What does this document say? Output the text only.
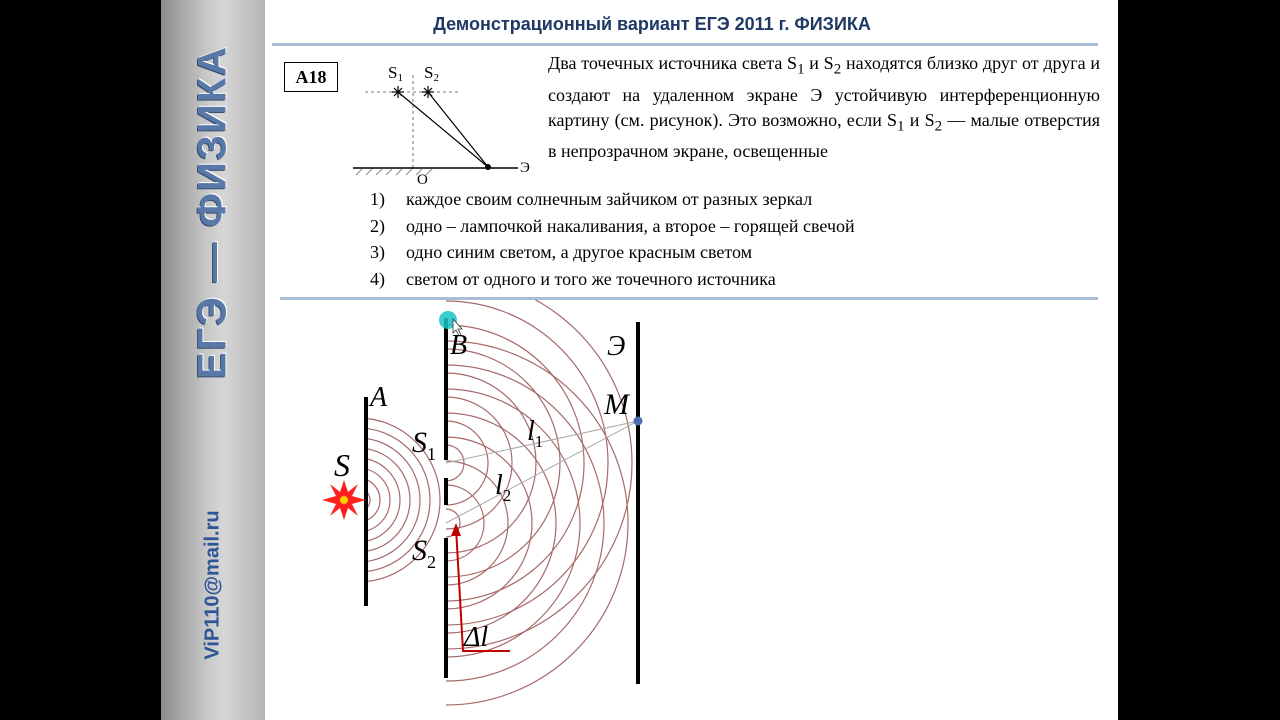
ЕГЭ — ФИЗИКА
ViP110@mail.ru
Демонстрационный вариант ЕГЭ 2011 г. ФИЗИКА
А18
Два точечных источника света $S_1$ и $S_2$ находятся близко друг от друга и создают на удаленном экране Э устойчивую интерференционную картину (см. рисунок). Это возможно, если $S_1$ и $S_2$ — малые отверстия в непрозрачном экране, освещенные
1) каждое своим солнечным зайчиком от разных зеркал
2) одно – лампочкой накаливания, а второе – горящей свечой
3) одно синим светом, а другое красным светом
4) светом от одного и того же точечного источника
S1 S2
O
Э
A
B	Э
M
S
$S_1$
$S_2$
$l_1$
$l_2$
Δl
